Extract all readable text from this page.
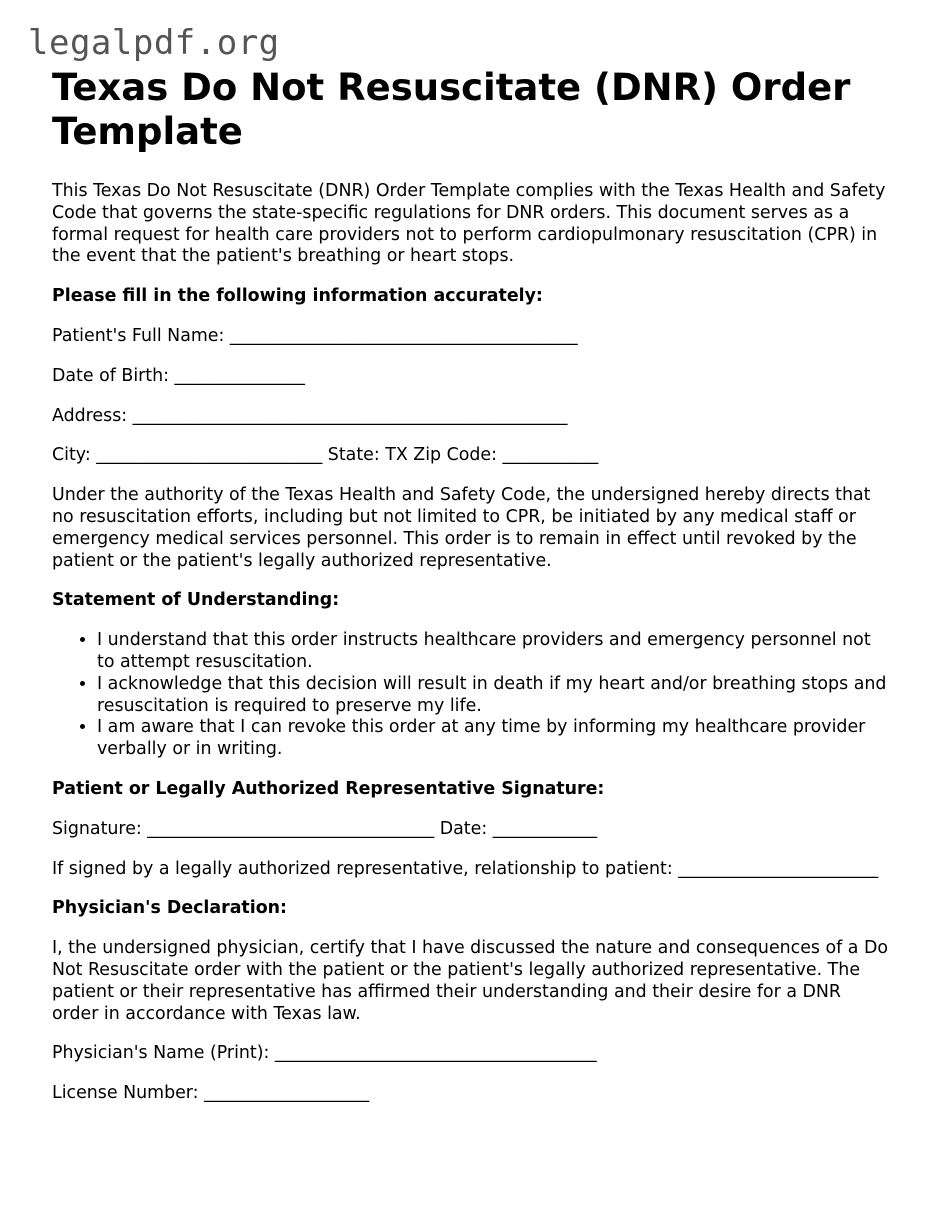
legalpdf.org
Texas Do Not Resuscitate (DNR) Order Template

This Texas Do Not Resuscitate (DNR) Order Template complies with the Texas Health and Safety Code that governs the state-specific regulations for DNR orders. This document serves as a formal request for health care providers not to perform cardiopulmonary resuscitation (CPR) in the event that the patient's breathing or heart stops.

Please fill in the following information accurately:

Patient's Full Name: ________________________________________

Date of Birth: _______________

Address: __________________________________________________

City: __________________________ State: TX Zip Code: ___________

Under the authority of the Texas Health and Safety Code, the undersigned hereby directs that no resuscitation efforts, including but not limited to CPR, be initiated by any medical staff or emergency medical services personnel. This order is to remain in effect until revoked by the patient or the patient's legally authorized representative.

Statement of Understanding:

• I understand that this order instructs healthcare providers and emergency personnel not to attempt resuscitation.
• I acknowledge that this decision will result in death if my heart and/or breathing stops and resuscitation is required to preserve my life.
• I am aware that I can revoke this order at any time by informing my healthcare provider verbally or in writing.

Patient or Legally Authorized Representative Signature:

Signature: _________________________________ Date: ____________

If signed by a legally authorized representative, relationship to patient: _______________________

Physician's Declaration:

I, the undersigned physician, certify that I have discussed the nature and consequences of a Do Not Resuscitate order with the patient or the patient's legally authorized representative. The patient or their representative has affirmed their understanding and their desire for a DNR order in accordance with Texas law.

Physician's Name (Print): _____________________________________

License Number: ___________________
